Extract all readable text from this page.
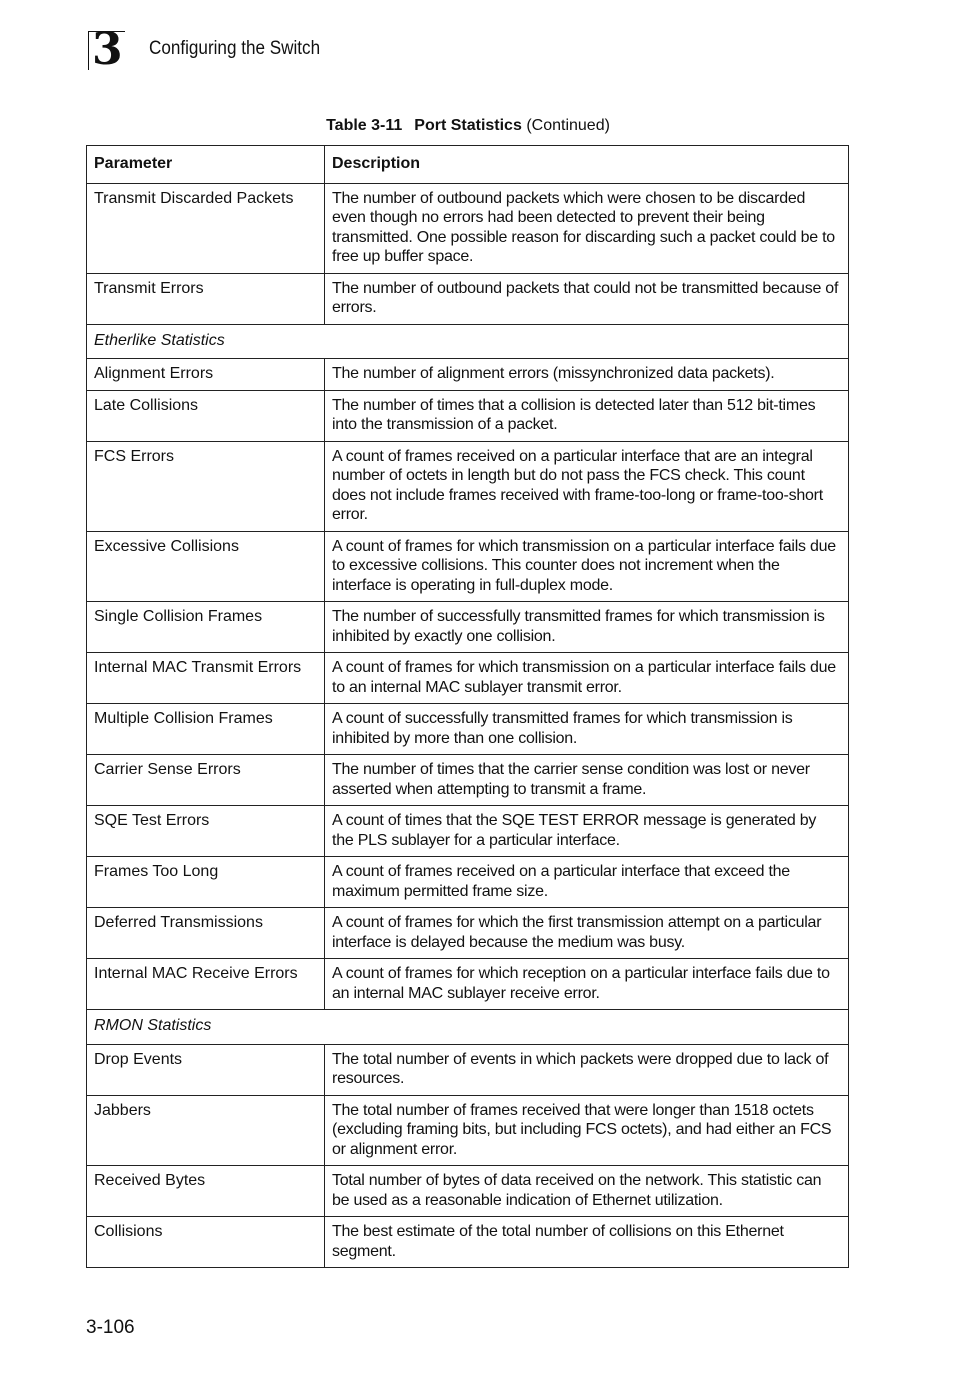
3 Configuring the Switch
Table 3-11 Port Statistics (Continued)
Parameter	Description
Transmit Discarded Packets	The number of outbound packets which were chosen to be discarded even though no errors had been detected to prevent their being transmitted. One possible reason for discarding such a packet could be to free up buffer space.
Transmit Errors	The number of outbound packets that could not be transmitted because of errors.
Etherlike Statistics	
Alignment Errors	The number of alignment errors (missynchronized data packets).
Late Collisions	The number of times that a collision is detected later than 512 bit-times into the transmission of a packet.
FCS Errors	A count of frames received on a particular interface that are an integral number of octets in length but do not pass the FCS check. This count does not include frames received with frame-too-long or frame-too-short error.
Excessive Collisions	A count of frames for which transmission on a particular interface fails due to excessive collisions. This counter does not increment when the interface is operating in full-duplex mode.
Single Collision Frames	The number of successfully transmitted frames for which transmission is inhibited by exactly one collision.
Internal MAC Transmit Errors	A count of frames for which transmission on a particular interface fails due to an internal MAC sublayer transmit error.
Multiple Collision Frames	A count of successfully transmitted frames for which transmission is inhibited by more than one collision.
Carrier Sense Errors	The number of times that the carrier sense condition was lost or never asserted when attempting to transmit a frame.
SQE Test Errors	A count of times that the SQE TEST ERROR message is generated by the PLS sublayer for a particular interface.
Frames Too Long	A count of frames received on a particular interface that exceed the maximum permitted frame size.
Deferred Transmissions	A count of frames for which the first transmission attempt on a particular interface is delayed because the medium was busy.
Internal MAC Receive Errors	A count of frames for which reception on a particular interface fails due to an internal MAC sublayer receive error.
RMON Statistics	
Drop Events	The total number of events in which packets were dropped due to lack of resources.
Jabbers	The total number of frames received that were longer than 1518 octets (excluding framing bits, but including FCS octets), and had either an FCS or alignment error.
Received Bytes	Total number of bytes of data received on the network. This statistic can be used as a reasonable indication of Ethernet utilization.
Collisions	The best estimate of the total number of collisions on this Ethernet segment.
3-106
